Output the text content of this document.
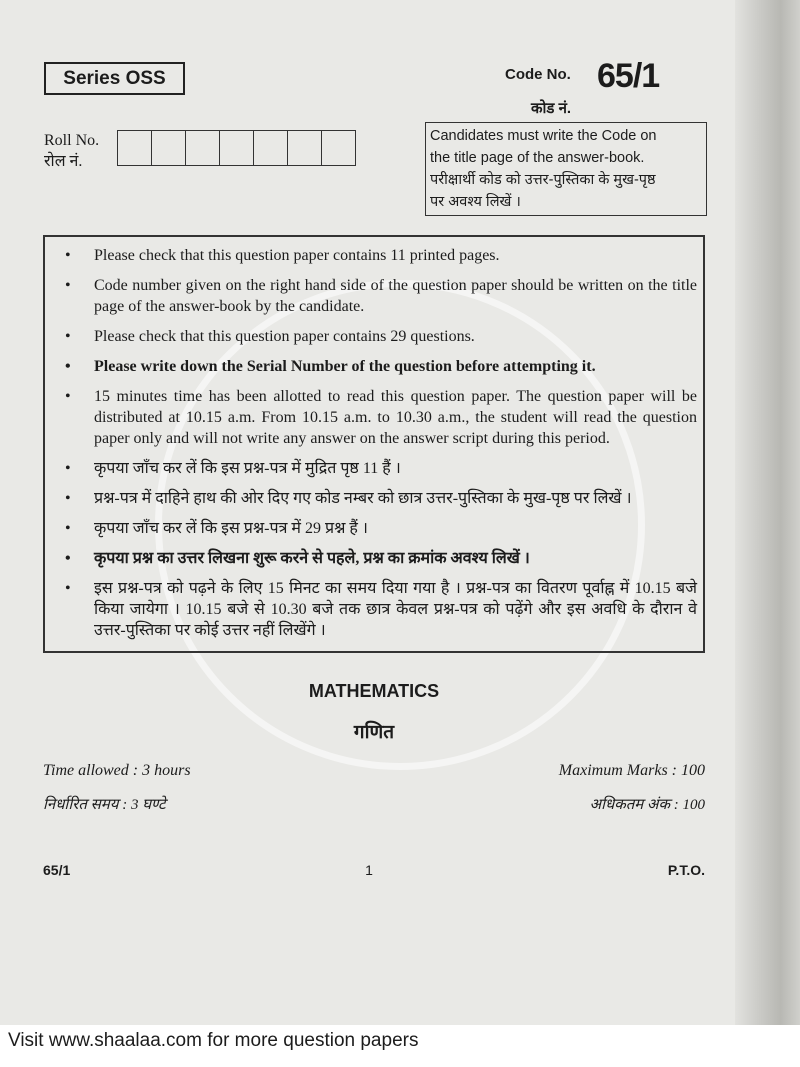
Series OSS	Code No. 65/1
कोड नं.
Roll No.
रोल नं.
Candidates must write the Code on
the title page of the answer-book.
परीक्षार्थी कोड को उत्तर-पुस्तिका के मुख-पृष्ठ
पर अवश्य लिखें ।
• Please check that this question paper contains 11 printed pages.
• Code number given on the right hand side of the question paper should be written on the title page of the answer-book by the candidate.
• Please check that this question paper contains 29 questions.
• Please write down the Serial Number of the question before attempting it.
• 15 minutes time has been allotted to read this question paper. The question paper will be distributed at 10.15 a.m. From 10.15 a.m. to 10.30 a.m., the student will read the question paper only and will not write any answer on the answer script during this period.
• कृपया जाँच कर लें कि इस प्रश्न-पत्र में मुद्रित पृष्ठ 11 हैं ।
• प्रश्न-पत्र में दाहिने हाथ की ओर दिए गए कोड नम्बर को छात्र उत्तर-पुस्तिका के मुख-पृष्ठ पर लिखें ।
• कृपया जाँच कर लें कि इस प्रश्न-पत्र में 29 प्रश्न हैं ।
• कृपया प्रश्न का उत्तर लिखना शुरू करने से पहले, प्रश्न का क्रमांक अवश्य लिखें ।
• इस प्रश्न-पत्र को पढ़ने के लिए 15 मिनट का समय दिया गया है । प्रश्न-पत्र का वितरण पूर्वाह्न में 10.15 बजे किया जायेगा । 10.15 बजे से 10.30 बजे तक छात्र केवल प्रश्न-पत्र को पढ़ेंगे और इस अवधि के दौरान वे उत्तर-पुस्तिका पर कोई उत्तर नहीं लिखेंगे ।
MATHEMATICS
गणित
Time allowed : 3 hours	Maximum Marks : 100
निर्धारित समय : 3 घण्टे	अधिकतम अंक : 100
65/1	1	P.T.O.
Visit www.shaalaa.com for more question papers
